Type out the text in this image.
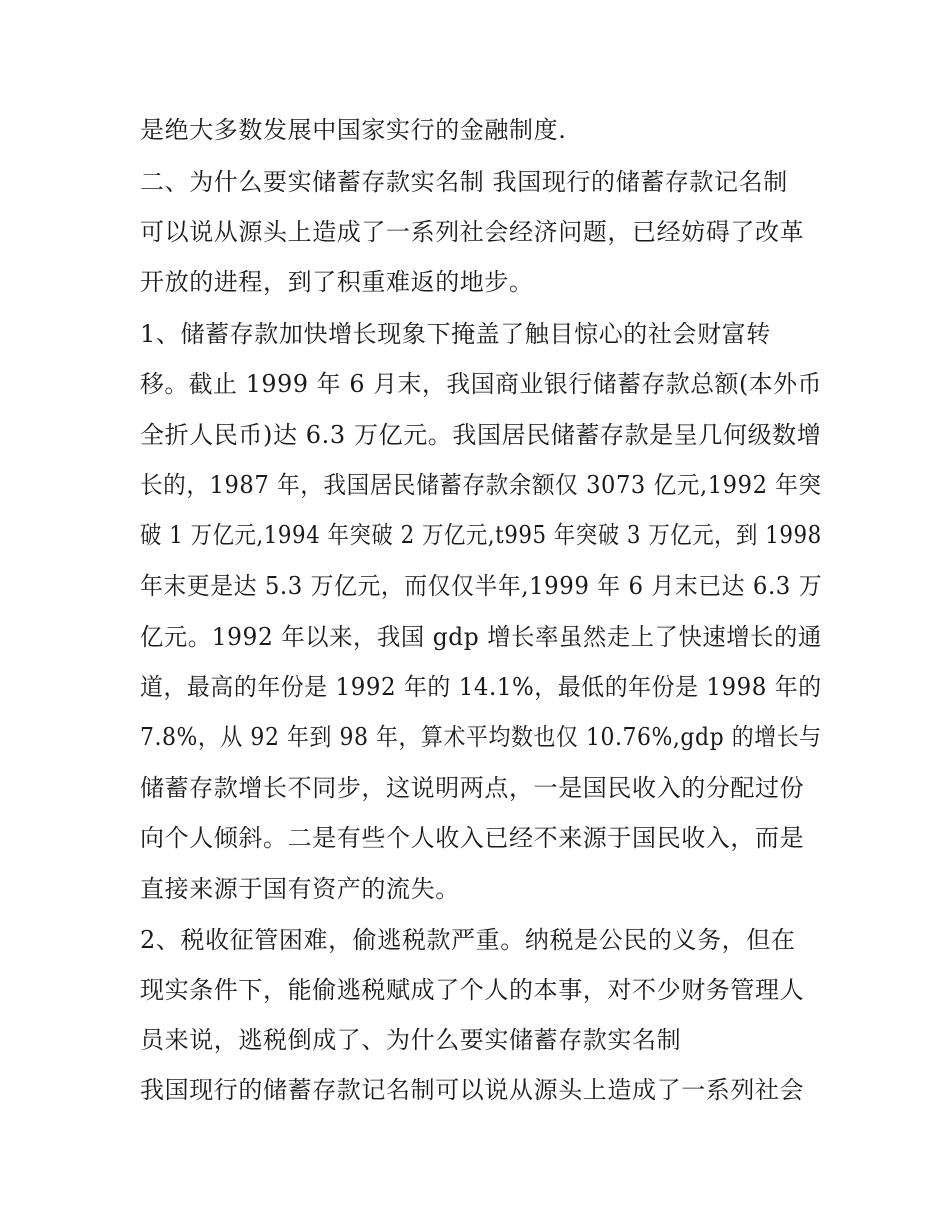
是绝大多数发展中国家实行的金融制度.
二、为什么要实储蓄存款实名制 我国现行的储蓄存款记名制
可以说从源头上造成了一系列社会经济问题，已经妨碍了改革
开放的进程，到了积重难返的地步。
1、储蓄存款加快增长现象下掩盖了触目惊心的社会财富转
移。截止 1999 年 6 月末，我国商业银行储蓄存款总额(本外币
全折人民币)达 6.3 万亿元。我国居民储蓄存款是呈几何级数增
长的，1987 年，我国居民储蓄存款余额仅 3073 亿元,1992 年突
破 1 万亿元,1994 年突破 2 万亿元,t995 年突破 3 万亿元，到 1998
年末更是达 5.3 万亿元，而仅仅半年,1999 年 6 月末已达 6.3 万
亿元。1992 年以来，我国 gdp 增长率虽然走上了快速增长的通
道，最高的年份是 1992 年的 14.1%，最低的年份是 1998 年的
7.8%，从 92 年到 98 年，算术平均数也仅 10.76%,gdp 的增长与
储蓄存款增长不同步，这说明两点，一是国民收入的分配过份
向个人倾斜。二是有些个人收入已经不来源于国民收入，而是
直接来源于国有资产的流失。
2、税收征管困难，偷逃税款严重。纳税是公民的义务，但在
现实条件下，能偷逃税赋成了个人的本事，对不少财务管理人
员来说，逃税倒成了、为什么要实储蓄存款实名制
我国现行的储蓄存款记名制可以说从源头上造成了一系列社会
